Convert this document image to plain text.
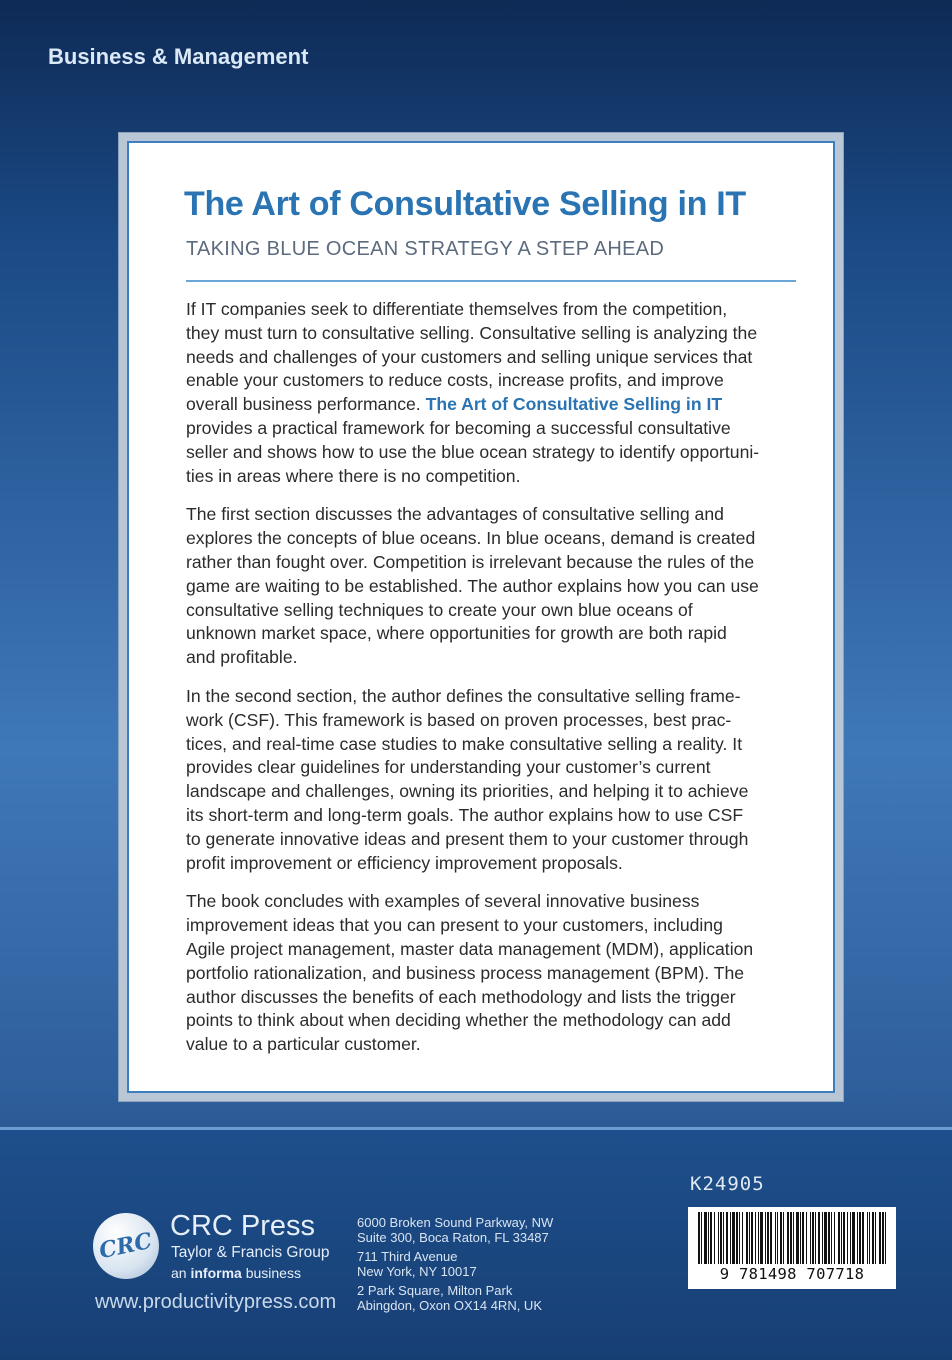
Business & Management
The Art of Consultative Selling in IT
TAKING BLUE OCEAN STRATEGY A STEP AHEAD

If IT companies seek to differentiate themselves from the competition,
they must turn to consultative selling. Consultative selling is analyzing the
needs and challenges of your customers and selling unique services that
enable your customers to reduce costs, increase profits, and improve
overall business performance. The Art of Consultative Selling in IT
provides a practical framework for becoming a successful consultative
seller and shows how to use the blue ocean strategy to identify opportuni-
ties in areas where there is no competition.

The first section discusses the advantages of consultative selling and
explores the concepts of blue oceans. In blue oceans, demand is created
rather than fought over. Competition is irrelevant because the rules of the
game are waiting to be established. The author explains how you can use
consultative selling techniques to create your own blue oceans of
unknown market space, where opportunities for growth are both rapid
and profitable.

In the second section, the author defines the consultative selling frame-
work (CSF). This framework is based on proven processes, best prac-
tices, and real-time case studies to make consultative selling a reality. It
provides clear guidelines for understanding your customer’s current
landscape and challenges, owning its priorities, and helping it to achieve
its short-term and long-term goals. The author explains how to use CSF
to generate innovative ideas and present them to your customer through
profit improvement or efficiency improvement proposals.

The book concludes with examples of several innovative business
improvement ideas that you can present to your customers, including
Agile project management, master data management (MDM), application
portfolio rationalization, and business process management (BPM). The
author discusses the benefits of each methodology and lists the trigger
points to think about when deciding whether the methodology can add
value to a particular customer.

CRC
CRC Press
Taylor & Francis Group
an informa business
www.productivitypress.com
6000 Broken Sound Parkway, NW
Suite 300, Boca Raton, FL 33487
711 Third Avenue
New York, NY 10017
2 Park Square, Milton Park
Abingdon, Oxon OX14 4RN, UK
K24905
9 781498 707718
